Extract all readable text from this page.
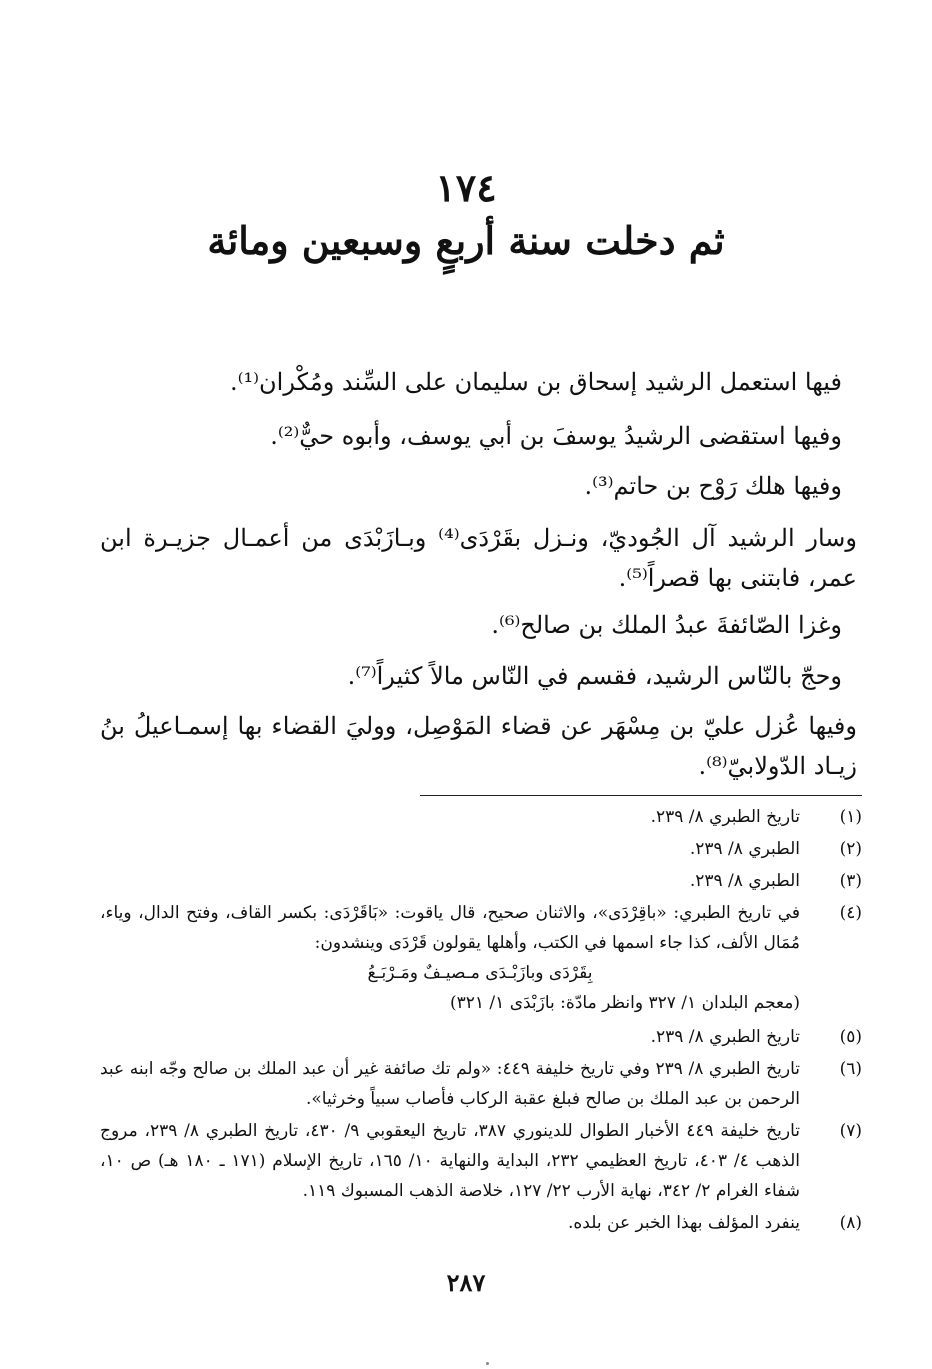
١٧٤
ثم دخلت سنة أربعٍ وسبعين ومائة
فيها استعمل الرشيد إسحاق بن سليمان على السِّند ومُكْران⁽¹⁾.
وفيها استقضى الرشيدُ يوسفَ بن أبي يوسف، وأبوه حيٌّ⁽²⁾.
وفيها هلك رَوْح بن حاتم⁽³⁾.
وسار الرشيد آل الجُوديّ، ونـزل بقَرْدَى⁽⁴⁾ وبـازَبْدَى من أعمـال جزيـرة ابن عمر، فابتنى بها قصراً⁽⁵⁾.
وغزا الصّائفةَ عبدُ الملك بن صالح⁽⁶⁾.
وحجّ بالنّاس الرشيد، فقسم في النّاس مالاً كثيراً⁽⁷⁾.
وفيها عُزل عليّ بن مِسْهَر عن قضاء المَوْصِل، ووليَ القضاء بها إسمـاعيلُ بنُ زيـاد الدّولابيّ⁽⁸⁾.
(١)
تاريخ الطبري ٨/ ٢٣٩.
(٢)
الطبري ٨/ ٢٣٩.
(٣)
الطبري ٨/ ٢٣٩.
(٤)
في تاريخ الطبري: «باقِرْدَى»، والاثنان صحيح، قال ياقوت: «بَاقَرْدَى: بكسر القاف، وفتح الدال، وياء، مُمَال الألف، كذا جاء اسمها في الكتب، وأهلها يقولون قَرْدَى وينشدون:
بِقَرْدَى وبازَبْـدَى مـصيـفٌ ومَـرْبَـعُ
(معجم البلدان ١/ ٣٢٧ وانظر مادّة: بازَبْدَى ١/ ٣٢١)
(٥)
تاريخ الطبري ٨/ ٢٣٩.
(٦)
تاريخ الطبري ٨/ ٢٣٩ وفي تاريخ خليفة ٤٤٩: «ولم تك صائفة غير أن عبد الملك بن صالح وجّه ابنه عبد الرحمن بن عبد الملك بن صالح فبلغ عقبة الركاب فأصاب سبياً وخرثيا».
(٧)
تاريخ خليفة ٤٤٩ الأخبار الطوال للدينوري ٣٨٧، تاريخ اليعقوبي ٩/ ٤٣٠، تاريخ الطبري ٨/ ٢٣٩، مروج الذهب ٤/ ٤٠٣، تاريخ العظيمي ٢٣٢، البداية والنهاية ١٠/ ١٦٥، تاريخ الإسلام (١٧١ ـ ١٨٠ هـ) ص ١٠، شفاء الغرام ٢/ ٣٤٢، نهاية الأرب ٢٢/ ١٢٧، خلاصة الذهب المسبوك ١١٩.
(٨)
ينفرد المؤلف بهذا الخبر عن بلده.
٢٨٧
